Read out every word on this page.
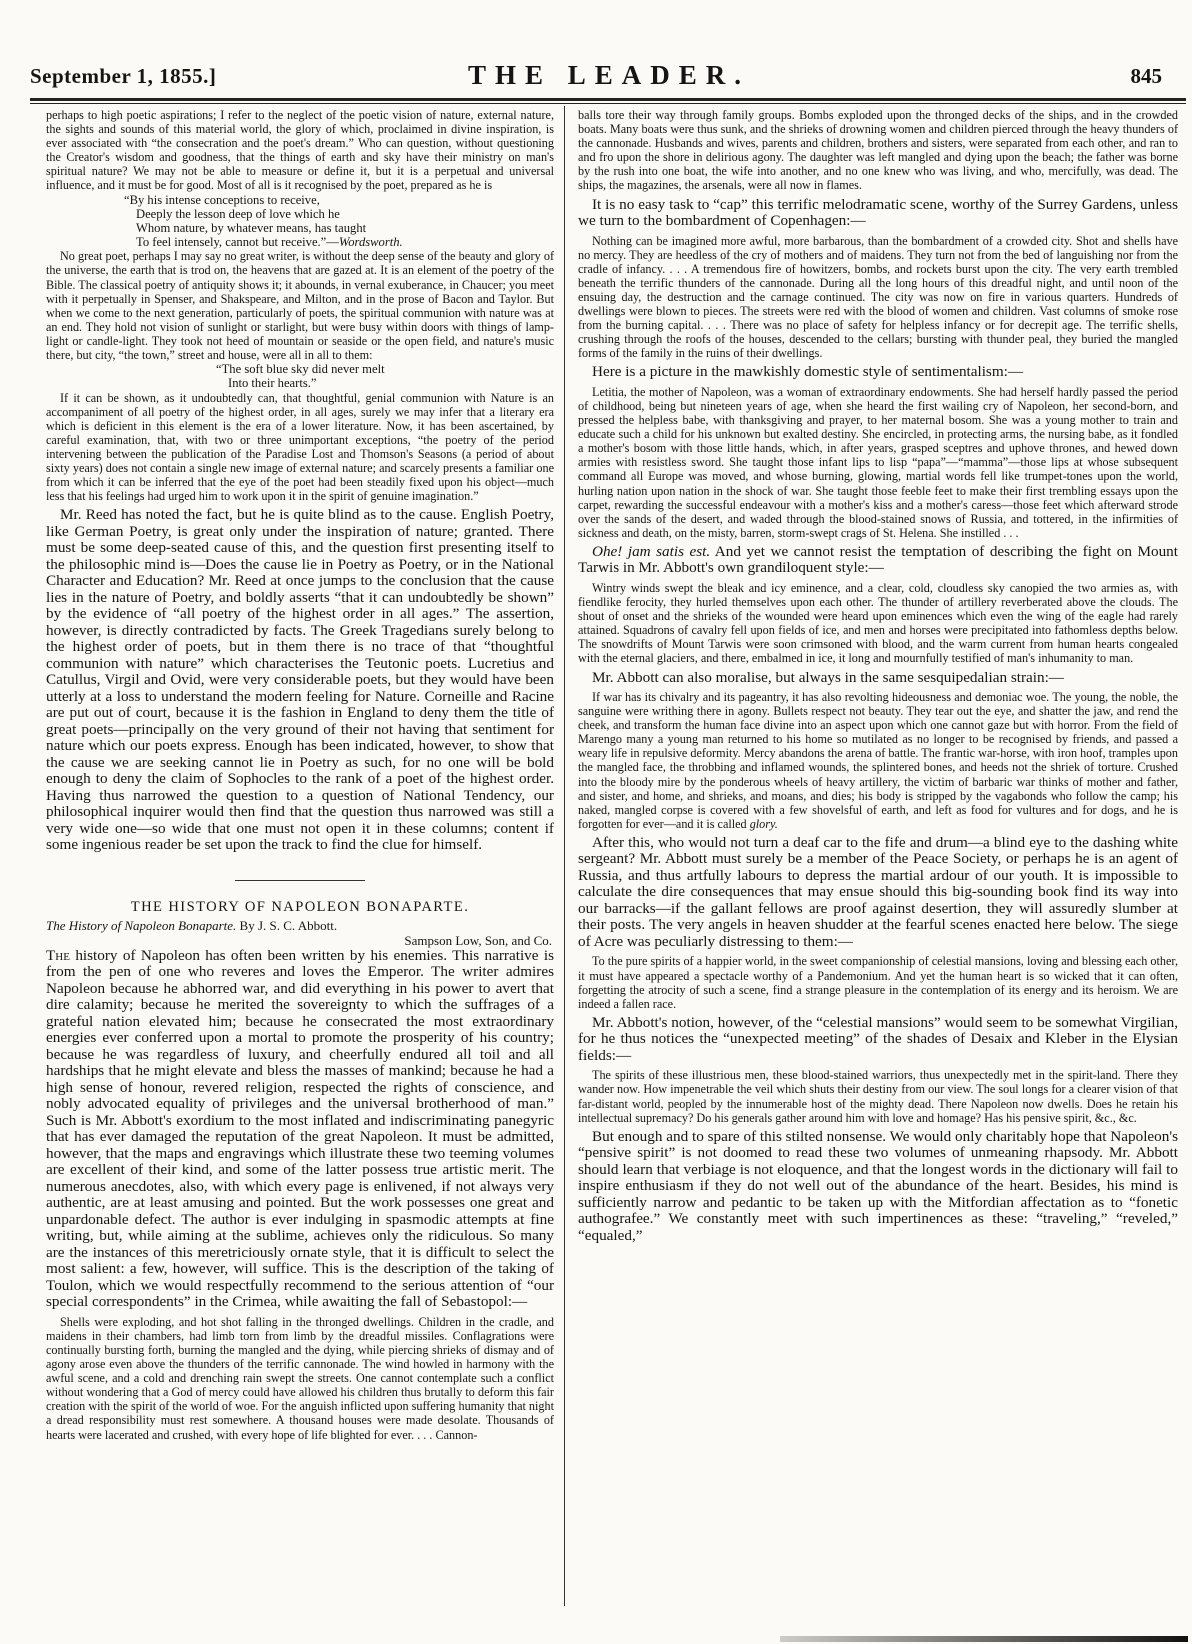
September 1, 1855.]	THE LEADER.	845

perhaps to high poetic aspirations; I refer to the neglect of the poetic vision of nature, external nature, the sights and sounds of this material world, the glory of which, proclaimed in divine inspiration, is ever associated with “the consecration and the poet's dream.” Who can question, without questioning the Creator's wisdom and goodness, that the things of earth and sky have their ministry on man's spiritual nature? We may not be able to measure or define it, but it is a perpetual and universal influence, and it must be for good. Most of all is it recognised by the poet, prepared as he is

“By his intense conceptions to receive,
Deeply the lesson deep of love which he
Whom nature, by whatever means, has taught
To feel intensely, cannot but receive.”—Wordsworth.

No great poet, perhaps I may say no great writer, is without the deep sense of the beauty and glory of the universe, the earth that is trod on, the heavens that are gazed at. It is an element of the poetry of the Bible. The classical poetry of antiquity shows it; it abounds, in vernal exuberance, in Chaucer; you meet with it perpetually in Spenser, and Shakspeare, and Milton, and in the prose of Bacon and Taylor. But when we come to the next generation, particularly of poets, the spiritual communion with nature was at an end. They hold not vision of sunlight or starlight, but were busy within doors with things of lamp-light or candle-light. They took not heed of mountain or seaside or the open field, and nature's music there, but city, “the town,” street and house, were all in all to them:

“The soft blue sky did never melt
Into their hearts.”

If it can be shown, as it undoubtedly can, that thoughtful, genial communion with Nature is an accompaniment of all poetry of the highest order, in all ages, surely we may infer that a literary era which is deficient in this element is the era of a lower literature. Now, it has been ascertained, by careful examination, that, with two or three unimportant exceptions, “the poetry of the period intervening between the publication of the Paradise Lost and Thomson's Seasons (a period of about sixty years) does not contain a single new image of external nature; and scarcely presents a familiar one from which it can be inferred that the eye of the poet had been steadily fixed upon his object—much less that his feelings had urged him to work upon it in the spirit of genuine imagination.”

Mr. Reed has noted the fact, but he is quite blind as to the cause. English Poetry, like German Poetry, is great only under the inspiration of nature; granted. There must be some deep-seated cause of this, and the question first presenting itself to the philosophic mind is—Does the cause lie in Poetry as Poetry, or in the National Character and Education? Mr. Reed at once jumps to the conclusion that the cause lies in the nature of Poetry, and boldly asserts “that it can undoubtedly be shown” by the evidence of “all poetry of the highest order in all ages.” The assertion, however, is directly contradicted by facts. The Greek Tragedians surely belong to the highest order of poets, but in them there is no trace of that “thoughtful communion with nature” which characterises the Teutonic poets. Lucretius and Catullus, Virgil and Ovid, were very considerable poets, but they would have been utterly at a loss to understand the modern feeling for Nature. Corneille and Racine are put out of court, because it is the fashion in England to deny them the title of great poets—principally on the very ground of their not having that sentiment for nature which our poets express. Enough has been indicated, however, to show that the cause we are seeking cannot lie in Poetry as such, for no one will be bold enough to deny the claim of Sophocles to the rank of a poet of the highest order. Having thus narrowed the question to a question of National Tendency, our philosophical inquirer would then find that the question thus narrowed was still a very wide one—so wide that one must not open it in these columns; content if some ingenious reader be set upon the track to find the clue for himself.

THE HISTORY OF NAPOLEON BONAPARTE.
The History of Napoleon Bonaparte. By J. S. C. Abbott.
Sampson Low, Son, and Co.

The history of Napoleon has often been written by his enemies. This narrative is from the pen of one who reveres and loves the Emperor. The writer admires Napoleon because he abhorred war, and did everything in his power to avert that dire calamity; because he merited the sovereignty to which the suffrages of a grateful nation elevated him; because he consecrated the most extraordinary energies ever conferred upon a mortal to promote the prosperity of his country; because he was regardless of luxury, and cheerfully endured all toil and all hardships that he might elevate and bless the masses of mankind; because he had a high sense of honour, revered religion, respected the rights of conscience, and nobly advocated equality of privileges and the universal brotherhood of man.” Such is Mr. Abbott's exordium to the most inflated and indiscriminating panegyric that has ever damaged the reputation of the great Napoleon. It must be admitted, however, that the maps and engravings which illustrate these two teeming volumes are excellent of their kind, and some of the latter possess true artistic merit. The numerous anecdotes, also, with which every page is enlivened, if not always very authentic, are at least amusing and pointed. But the work possesses one great and unpardonable defect. The author is ever indulging in spasmodic attempts at fine writing, but, while aiming at the sublime, achieves only the ridiculous. So many are the instances of this meretriciously ornate style, that it is difficult to select the most salient: a few, however, will suffice. This is the description of the taking of Toulon, which we would respectfully recommend to the serious attention of “our special correspondents” in the Crimea, while awaiting the fall of Sebastopol:—

Shells were exploding, and hot shot falling in the thronged dwellings. Children in the cradle, and maidens in their chambers, had limb torn from limb by the dreadful missiles. Conflagrations were continually bursting forth, burning the mangled and the dying, while piercing shrieks of dismay and of agony arose even above the thunders of the terrific cannonade. The wind howled in harmony with the awful scene, and a cold and drenching rain swept the streets. One cannot contemplate such a conflict without wondering that a God of mercy could have allowed his children thus brutally to deform this fair creation with the spirit of the world of woe. For the anguish inflicted upon suffering humanity that night a dread responsibility must rest somewhere. A thousand houses were made desolate. Thousands of hearts were lacerated and crushed, with every hope of life blighted for ever. . . . Cannon-

balls tore their way through family groups. Bombs exploded upon the thronged decks of the ships, and in the crowded boats. Many boats were thus sunk, and the shrieks of drowning women and children pierced through the heavy thunders of the cannonade. Husbands and wives, parents and children, brothers and sisters, were separated from each other, and ran to and fro upon the shore in delirious agony. The daughter was left mangled and dying upon the beach; the father was borne by the rush into one boat, the wife into another, and no one knew who was living, and who, mercifully, was dead. The ships, the magazines, the arsenals, were all now in flames.

It is no easy task to “cap” this terrific melodramatic scene, worthy of the Surrey Gardens, unless we turn to the bombardment of Copenhagen:—

Nothing can be imagined more awful, more barbarous, than the bombardment of a crowded city. Shot and shells have no mercy. They are heedless of the cry of mothers and of maidens. They turn not from the bed of languishing nor from the cradle of infancy. . . . A tremendous fire of howitzers, bombs, and rockets burst upon the city. The very earth trembled beneath the terrific thunders of the cannonade. During all the long hours of this dreadful night, and until noon of the ensuing day, the destruction and the carnage continued. The city was now on fire in various quarters. Hundreds of dwellings were blown to pieces. The streets were red with the blood of women and children. Vast columns of smoke rose from the burning capital. . . . There was no place of safety for helpless infancy or for decrepit age. The terrific shells, crushing through the roofs of the houses, descended to the cellars; bursting with thunder peal, they buried the mangled forms of the family in the ruins of their dwellings.

Here is a picture in the mawkishly domestic style of sentimentalism:—

Letitia, the mother of Napoleon, was a woman of extraordinary endowments. She had herself hardly passed the period of childhood, being but nineteen years of age, when she heard the first wailing cry of Napoleon, her second-born, and pressed the helpless babe, with thanksgiving and prayer, to her maternal bosom. She was a young mother to train and educate such a child for his unknown but exalted destiny. She encircled, in protecting arms, the nursing babe, as it fondled a mother's bosom with those little hands, which, in after years, grasped sceptres and uphove thrones, and hewed down armies with resistless sword. She taught those infant lips to lisp “papa”—“mamma”—those lips at whose subsequent command all Europe was moved, and whose burning, glowing, martial words fell like trumpet-tones upon the world, hurling nation upon nation in the shock of war. She taught those feeble feet to make their first trembling essays upon the carpet, rewarding the successful endeavour with a mother's kiss and a mother's caress—those feet which afterward strode over the sands of the desert, and waded through the blood-stained snows of Russia, and tottered, in the infirmities of sickness and death, on the misty, barren, storm-swept crags of St. Helena. She instilled . . .

Ohe! jam satis est. And yet we cannot resist the temptation of describing the fight on Mount Tarwis in Mr. Abbott's own grandiloquent style:—

Wintry winds swept the bleak and icy eminence, and a clear, cold, cloudless sky canopied the two armies as, with fiendlike ferocity, they hurled themselves upon each other. The thunder of artillery reverberated above the clouds. The shout of onset and the shrieks of the wounded were heard upon eminences which even the wing of the eagle had rarely attained. Squadrons of cavalry fell upon fields of ice, and men and horses were precipitated into fathomless depths below. The snowdrifts of Mount Tarwis were soon crimsoned with blood, and the warm current from human hearts congealed with the eternal glaciers, and there, embalmed in ice, it long and mournfully testified of man's inhumanity to man.

Mr. Abbott can also moralise, but always in the same sesquipedalian strain:—

If war has its chivalry and its pageantry, it has also revolting hideousness and demoniac woe. The young, the noble, the sanguine were writhing there in agony. Bullets respect not beauty. They tear out the eye, and shatter the jaw, and rend the cheek, and transform the human face divine into an aspect upon which one cannot gaze but with horror. From the field of Marengo many a young man returned to his home so mutilated as no longer to be recognised by friends, and passed a weary life in repulsive deformity. Mercy abandons the arena of battle. The frantic war-horse, with iron hoof, tramples upon the mangled face, the throbbing and inflamed wounds, the splintered bones, and heeds not the shriek of torture. Crushed into the bloody mire by the ponderous wheels of heavy artillery, the victim of barbaric war thinks of mother and father, and sister, and home, and shrieks, and moans, and dies; his body is stripped by the vagabonds who follow the camp; his naked, mangled corpse is covered with a few shovelsful of earth, and left as food for vultures and for dogs, and he is forgotten for ever—and it is called glory.

After this, who would not turn a deaf car to the fife and drum—a blind eye to the dashing white sergeant? Mr. Abbott must surely be a member of the Peace Society, or perhaps he is an agent of Russia, and thus artfully labours to depress the martial ardour of our youth. It is impossible to calculate the dire consequences that may ensue should this big-sounding book find its way into our barracks—if the gallant fellows are proof against desertion, they will assuredly slumber at their posts. The very angels in heaven shudder at the fearful scenes enacted here below. The siege of Acre was peculiarly distressing to them:—

To the pure spirits of a happier world, in the sweet companionship of celestial mansions, loving and blessing each other, it must have appeared a spectacle worthy of a Pandemonium. And yet the human heart is so wicked that it can often, forgetting the atrocity of such a scene, find a strange pleasure in the contemplation of its energy and its heroism. We are indeed a fallen race.

Mr. Abbott's notion, however, of the “celestial mansions” would seem to be somewhat Virgilian, for he thus notices the “unexpected meeting” of the shades of Desaix and Kleber in the Elysian fields:—

The spirits of these illustrious men, these blood-stained warriors, thus unexpectedly met in the spirit-land. There they wander now. How impenetrable the veil which shuts their destiny from our view. The soul longs for a clearer vision of that far-distant world, peopled by the innumerable host of the mighty dead. There Napoleon now dwells. Does he retain his intellectual supremacy? Do his generals gather around him with love and homage? Has his pensive spirit, &c., &c.

But enough and to spare of this stilted nonsense. We would only charitably hope that Napoleon's “pensive spirit” is not doomed to read these two volumes of unmeaning rhapsody. Mr. Abbott should learn that verbiage is not eloquence, and that the longest words in the dictionary will fail to inspire enthusiasm if they do not well out of the abundance of the heart. Besides, his mind is sufficiently narrow and pedantic to be taken up with the Mitfordian affectation as to “fonetic authografee.” We constantly meet with such impertinences as these: “traveling,” “reveled,” “equaled,”
